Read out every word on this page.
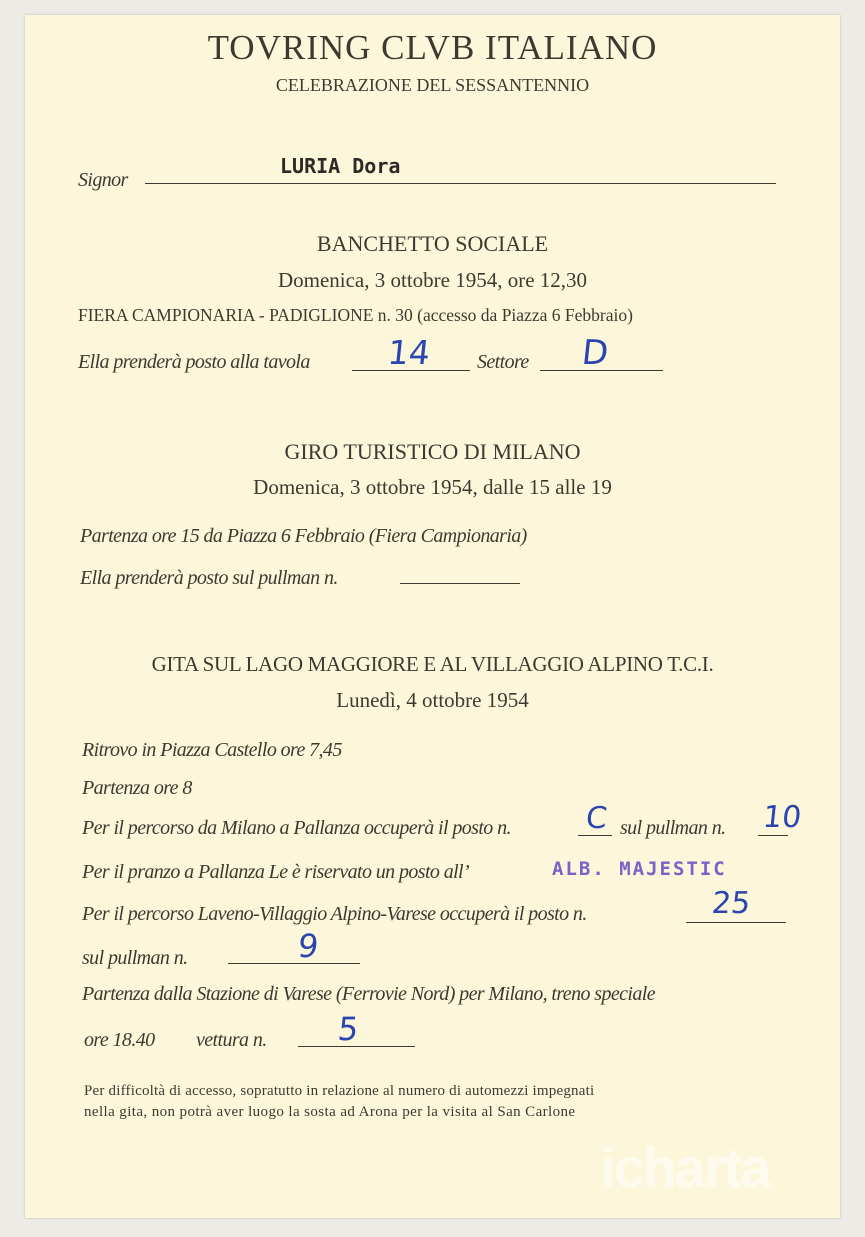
icharta
TOVRING CLVB ITALIANO
CELEBRAZIONE DEL SESSANTENNIO
Signor
LURIA Dora
BANCHETTO SOCIALE
Domenica, 3 ottobre 1954, ore 12,30
FIERA CAMPIONARIA - PADIGLIONE n. 30 (accesso da Piazza 6 Febbraio)
Ella prenderà posto alla tavola 14 Settore D
GIRO TURISTICO DI MILANO
Domenica, 3 ottobre 1954, dalle 15 alle 19
Partenza ore 15 da Piazza 6 Febbraio (Fiera Campionaria)
Ella prenderà posto sul pullman n.
GITA SUL LAGO MAGGIORE E AL VILLAGGIO ALPINO T.C.I.
Lunedì, 4 ottobre 1954
Ritrovo in Piazza Castello ore 7,45
Partenza ore 8
Per il percorso da Milano a Pallanza occuperà il posto n. C sul pullman n. 10
Per il pranzo a Pallanza Le è riservato un posto all’	ALB. MAJESTIC
Per il percorso Laveno-Villaggio Alpino-Varese occuperà il posto n.	25
sul pullman n.	9
Partenza dalla Stazione di Varese (Ferrovie Nord) per Milano, treno speciale
ore 18.40 vettura n. 5
Per difficoltà di accesso, sopratutto in relazione al numero di automezzi impegnati
nella gita, non potrà aver luogo la sosta ad Arona per la visita al San Carlone
